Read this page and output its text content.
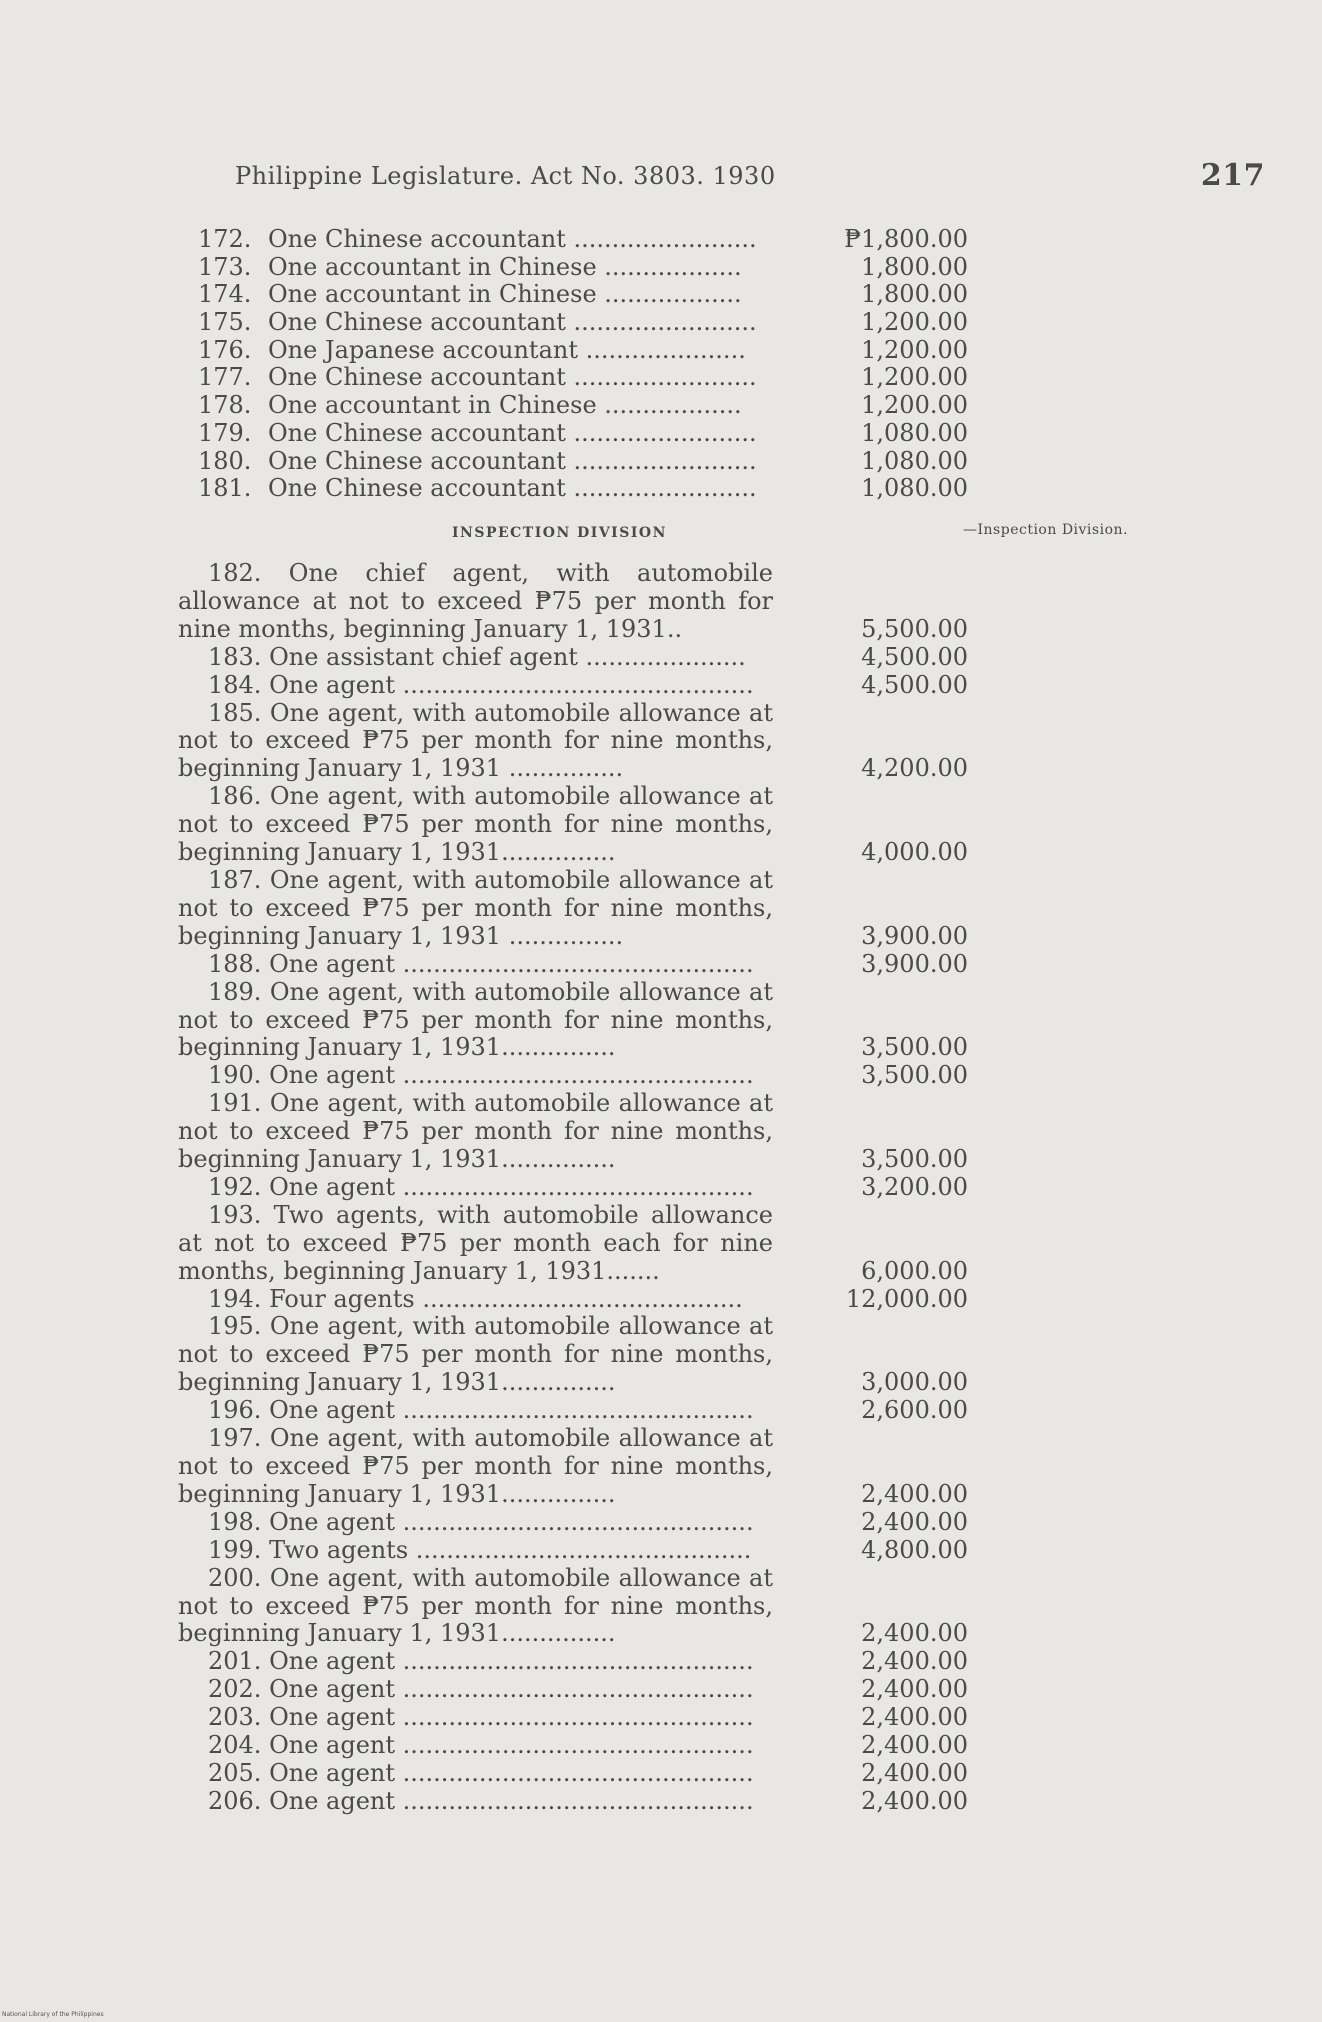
Philippine Legislature. Act No. 3803. 1930	217
172. One Chinese accountant ........................	₱1,800.00
173. One accountant in Chinese ..................	1,800.00
174. One accountant in Chinese ..................	1,800.00
175. One Chinese accountant ........................	1,200.00
176. One Japanese accountant .....................	1,200.00
177. One Chinese accountant ........................	1,200.00
178. One accountant in Chinese ..................	1,200.00
179. One Chinese accountant ........................	1,080.00
180. One Chinese accountant ........................	1,080.00
181. One Chinese accountant ........................	1,080.00
INSPECTION DIVISION	—Inspection Division.
182. One chief agent, with automobile allowance at not to exceed ₱75 per month for nine months, beginning January 1, 1931..	5,500.00
183. One assistant chief agent .....................	4,500.00
184. One agent ..............................................	4,500.00
185. One agent, with automobile allowance at not to exceed ₱75 per month for nine months, beginning January 1, 1931 ...............	4,200.00
186. One agent, with automobile allowance at not to exceed ₱75 per month for nine months, beginning January 1, 1931...............	4,000.00
187. One agent, with automobile allowance at not to exceed ₱75 per month for nine months, beginning January 1, 1931 ...............	3,900.00
188. One agent ..............................................	3,900.00
189. One agent, with automobile allowance at not to exceed ₱75 per month for nine months, beginning January 1, 1931...............	3,500.00
190. One agent ..............................................	3,500.00
191. One agent, with automobile allowance at not to exceed ₱75 per month for nine months, beginning January 1, 1931...............	3,500.00
192. One agent ..............................................	3,200.00
193. Two agents, with automobile allowance at not to exceed ₱75 per month each for nine months, beginning January 1, 1931.......	6,000.00
194. Four agents ..........................................	12,000.00
195. One agent, with automobile allowance at not to exceed ₱75 per month for nine months, beginning January 1, 1931...............	3,000.00
196. One agent ..............................................	2,600.00
197. One agent, with automobile allowance at not to exceed ₱75 per month for nine months, beginning January 1, 1931...............	2,400.00
198. One agent ..............................................	2,400.00
199. Two agents ............................................	4,800.00
200. One agent, with automobile allowance at not to exceed ₱75 per month for nine months, beginning January 1, 1931...............	2,400.00
201. One agent ..............................................	2,400.00
202. One agent ..............................................	2,400.00
203. One agent ..............................................	2,400.00
204. One agent ..............................................	2,400.00
205. One agent ..............................................	2,400.00
206. One agent ..............................................	2,400.00
National Library of the Philippines
